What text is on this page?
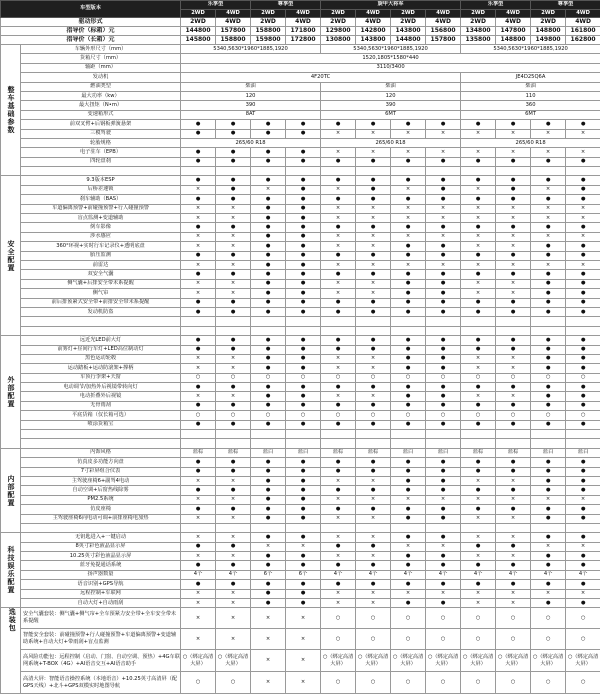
车型版本		乐享型		尊享型		旋甲大将军				乐享型		尊享型	
		2WD	4WD	2WD	4WD	2WD	4WD	2WD	4WD	2WD	4WD	2WD	4WD
驱动形式		2WD	4WD	2WD	4WD	2WD	4WD	2WD	4WD	2WD	4WD	2WD	4WD
指导价（标箱）元		144800	157800	158800	171800	129800	142800	143800	156800	134800	147800	148800	161800
指导价（长箱）元		145800	158800	159800	172800	130800	143800	144800	157800	135800	148800	149800	162800
整车基础参数	车辆外形尺寸（mm）	5340,5630*1960*1885,1920				5340,5630*1960*1885,1920				5340,5630*1960*1885,1920			
	货箱尺寸（mm）	1520,1805*1580*440											
	轴距（mm）	3110/3400											
	发动机	4F20TC								JE4D25Q6A			
	燃油类型	柴油				柴油				柴油			
	最大功率（kw）	120				120				110			
	最大扭矩（N•m）	390				390				360			
	变速箱形式	8AT				6MT				6MT			
	前双叉臂+后钢板弹簧悬架	●	●	●	●	●	●	●	●	●	●	●	●
	三模驾驶	●	●	●	●	×	×	×	×	×	×	×	×
	轮胎规格	265/60 R18				265/60 R18				265/60 R18			
	电子驻车（EPB）	●	●	●	●	×	×	×	×	×	×	×	×
	四轮盘刹	●	●	●	●	●	●	●	●	●	●	●	●

安全配置	9.3版本ESP	●	●	●	●	●	●	●	●	●	●	●	●
	后桥差速锁	×	●	×	●	×	●	×	●	×	●	×	●
	刹车辅助（BAS）	●	●	●	●	●	●	●	●	●	●	●	●
	车道偏离预警+前碰撞预警+行人碰撞预警	×	×	●	●	×	×	×	×	×	×	×	×
	盲点监测+变道辅助	×	×	●	●	×	×	×	×	×	×	×	×
	倒车影像	●	●	●	●	●	●	●	●	●	●	●	●
	涉水感应	×	×	●	●	×	×	×	×	×	×	×	×
	360°环视+实时行车记录仪+透明底盘	×	×	●	●	×	×	●	●	×	×	●	●
	胎压监测	●	●	●	●	●	●	●	●	●	●	●	●
	前雷达	×	×	●	●	×	×	×	×	×	×	×	×
	双安全气囊	●	●	●	●	●	●	●	●	●	●	●	●
	侧气囊+后排安全带未系提醒	×	×	●	●	×	×	●	●	×	×	●	●
	侧气帘	×	×	●	●	×	×	●	●	×	×	●	●
	前后排预紧式安全带+前排安全带未系提醒	●	●	●	●	●	●	●	●	●	●	●	●
	发动机防盗	●	●	●	●	●	●	●	●	●	●	●	●

外部配置	远近光LED前大灯	●	●	●	●	●	●	●	●	●	●	●	●
	前雾灯+昼间行车灯+LED高位制动灯	●	●	●	●	●	●	●	●	●	●	●	●
	黑色运动轮毂	×	×	●	●	×	×	●	●	×	×	●	●
	运动踏板+运动防滚架+撑柄	×	×	●	●	×	×	●	●	×	×	●	●
	车顶行李架+天窗	○	○	○	○	○	○	○	○	○	○	○	○
	电动调节/加热外后视镜带转向灯	●	●	●	●	●	●	●	●	●	●	●	●
	电动折叠外后视镜	×	×	●	●	×	×	●	●	×	×	●	●
	无骨雨刮	●	●	●	●	●	●	●	●	●	●	●	●
	平底货箱（仅长箱可选）	○	○	○	○	○	○	○	○	○	○	○	○
	喷涂货箱宝	●	●	●	●	●	●	●	●	●	●	●	●

内部配置	内饰风格	蓝棕	蓝棕	蓝白	蓝白	蓝棕	蓝棕	蓝白	蓝白	蓝棕	蓝棕	蓝白	蓝白
	仿真皮多功能方向盘	●	●	●	●	●	●	●	●	●	●	●	●
	7寸彩屏组合仪表	●	●	●	●	●	●	●	●	●	●	●	●
	主驾驶座椅6+副驾4电动	×	×	●	●	×	×	●	●	×	×	●	●
	自动空调+后窗热线除雾	●	●	●	●	●	●	●	●	●	●	●	●
	PM2.5系统	×	×	●	●	×	×	×	×	×	×	×	×
	仿皮座椅	●	●	●	●	●	●	●	●	●	●	●	●
	主驾驶座椅6向电动可调+前排座椅电加热	×	×	●	●	×	×	●	●	×	×	●	●

科技娱乐配置	无钥匙进入+一键启动	×	×	●	●	×	×	●	●	×	×	●	●
	8英寸彩色液晶显示屏	●	●	×	×	●	●	×	×	●	●	×	×
	10.25英寸彩色液晶显示屏	×	×	●	●	×	×	●	●	×	×	●	●
	蓝牙免提通话系统	●	●	●	●	●	●	●	●	●	●	●	●
	扬声器数量	4个	4个	6个	6个	4个	4个	4个	4个	4个	4个	4个	4个
	语音识别+GPS导航	●	●	●	●	●	●	●	●	●	●	●	●
	远程控制+车联网	×	×	●	●	×	×	×	×	×	×	×	×
	自动大灯+自动雨刮	×	×	●	●	×	×	●	●	×	×	●	●
选装包	安全气囊套装：侧气囊+侧气帘+全车预紧力安全带+全车安全带未系提醒	×	×	×	×	○	○	○	○	○	○	○	○
	智能安全套装：前碰撞预警+行人碰撞预警+车道偏离预警+变道辅助系统+自动大灯+带雨刮+盲点监测	×	×	×	×	○	○	○	○	○	○	○	○
	高风险功能包：远程控制（启动、门窗、自动空调、预热）+4G车联网系统+T-BOX（4G）+AI语音交互+AI语音助手	○（绑定高清大屏）	○（绑定高清大屏）	×	×	○（绑定高清大屏）	○（绑定高清大屏）	○（绑定高清大屏）	○（绑定高清大屏）	○（绑定高清大屏）	○（绑定高清大屏）	○（绑定高清大屏）	○（绑定高清大屏）
	高清大屏：智能语音操控系统（本地语音）+10.25英寸高清屏（配GPS天线）+北斗+GPS双模实时地图导航	○	○	×	×	○	○	○	○	○	○	○	○
